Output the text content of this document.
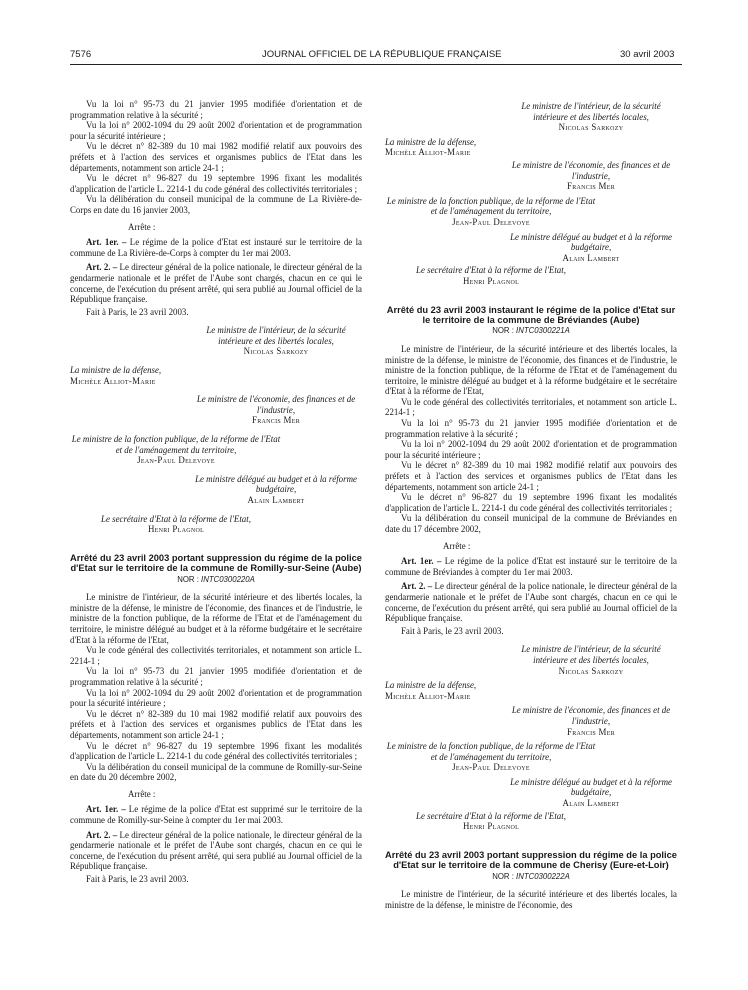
7576	JOURNAL OFFICIEL DE LA RÉPUBLIQUE FRANÇAISE	30 avril 2003

Vu la loi n° 95-73 du 21 janvier 1995 modifiée d'orientation et de programmation relative à la sécurité ;

Vu la loi n° 2002-1094 du 29 août 2002 d'orientation et de programmation pour la sécurité intérieure ;

Vu le décret n° 82-389 du 10 mai 1982 modifié relatif aux pouvoirs des préfets et à l'action des services et organismes publics de l'Etat dans les départements, notamment son article 24-1 ;

Vu le décret n° 96-827 du 19 septembre 1996 fixant les modalités d'application de l'article L. 2214-1 du code général des collectivités territoriales ;

Vu la délibération du conseil municipal de la commune de La Rivière-de-Corps en date du 16 janvier 2003,

Arrête :

Art. 1er. – Le régime de la police d'Etat est instauré sur le territoire de la commune de La Rivière-de-Corps à compter du 1er mai 2003.

Art. 2. – Le directeur général de la police nationale, le directeur général de la gendarmerie nationale et le préfet de l'Aube sont chargés, chacun en ce qui le concerne, de l'exécution du présent arrêté, qui sera publié au Journal officiel de la République française.

Fait à Paris, le 23 avril 2003.

Le ministre de l'intérieur, de la sécurité intérieure et des libertés locales,
Nicolas Sarkozy

La ministre de la défense,
Michèle Alliot-Marie

Le ministre de l'économie, des finances et de l'industrie,
Francis Mer

Le ministre de la fonction publique, de la réforme de l'Etat et de l'aménagement du territoire,
Jean-Paul Delevoye

Le ministre délégué au budget et à la réforme budgétaire,
Alain Lambert

Le secrétaire d'Etat à la réforme de l'Etat,
Henri Plagnol

Arrêté du 23 avril 2003 portant suppression du régime de la police d'Etat sur le territoire de la commune de Romilly-sur-Seine (Aube)

NOR : INTC0300220A

Le ministre de l'intérieur, de la sécurité intérieure et des libertés locales, la ministre de la défense, le ministre de l'économie, des finances et de l'industrie, le ministre de la fonction publique, de la réforme de l'Etat et de l'aménagement du territoire, le ministre délégué au budget et à la réforme budgétaire et le secrétaire d'Etat à la réforme de l'Etat,

Vu le code général des collectivités territoriales, et notamment son article L. 2214-1 ;

Vu la loi n° 95-73 du 21 janvier 1995 modifiée d'orientation et de programmation relative à la sécurité ;

Vu la loi n° 2002-1094 du 29 août 2002 d'orientation et de programmation pour la sécurité intérieure ;

Vu le décret n° 82-389 du 10 mai 1982 modifié relatif aux pouvoirs des préfets et à l'action des services et organismes publics de l'Etat dans les départements, notamment son article 24-1 ;

Vu le décret n° 96-827 du 19 septembre 1996 fixant les modalités d'application de l'article L. 2214-1 du code général des collectivités territoriales ;

Vu la délibération du conseil municipal de la commune de Romilly-sur-Seine en date du 20 décembre 2002,

Arrête :

Art. 1er. – Le régime de la police d'Etat est supprimé sur le territoire de la commune de Romilly-sur-Seine à compter du 1er mai 2003.

Art. 2. – Le directeur général de la police nationale, le directeur général de la gendarmerie nationale et le préfet de l'Aube sont chargés, chacun en ce qui le concerne, de l'exécution du présent arrêté, qui sera publié au Journal officiel de la République française.

Fait à Paris, le 23 avril 2003.

Le ministre de l'intérieur, de la sécurité intérieure et des libertés locales,
Nicolas Sarkozy

La ministre de la défense,
Michèle Alliot-Marie

Le ministre de l'économie, des finances et de l'industrie,
Francis Mer

Le ministre de la fonction publique, de la réforme de l'Etat et de l'aménagement du territoire,
Jean-Paul Delevoye

Le ministre délégué au budget et à la réforme budgétaire,
Alain Lambert

Le secrétaire d'Etat à la réforme de l'Etat,
Henri Plagnol

Arrêté du 23 avril 2003 instaurant le régime de la police d'Etat sur le territoire de la commune de Bréviandes (Aube)

NOR : INTC0300221A

Le ministre de l'intérieur, de la sécurité intérieure et des libertés locales, la ministre de la défense, le ministre de l'économie, des finances et de l'industrie, le ministre de la fonction publique, de la réforme de l'Etat et de l'aménagement du territoire, le ministre délégué au budget et à la réforme budgétaire et le secrétaire d'Etat à la réforme de l'Etat,

Vu le code général des collectivités territoriales, et notamment son article L. 2214-1 ;

Vu la loi n° 95-73 du 21 janvier 1995 modifiée d'orientation et de programmation relative à la sécurité ;

Vu la loi n° 2002-1094 du 29 août 2002 d'orientation et de programmation pour la sécurité intérieure ;

Vu le décret n° 82-389 du 10 mai 1982 modifié relatif aux pouvoirs des préfets et à l'action des services et organismes publics de l'Etat dans les départements, notamment son article 24-1 ;

Vu le décret n° 96-827 du 19 septembre 1996 fixant les modalités d'application de l'article L. 2214-1 du code général des collectivités territoriales ;

Vu la délibération du conseil municipal de la commune de Bréviandes en date du 17 décembre 2002,

Arrête :

Art. 1er. – Le régime de la police d'Etat est instauré sur le territoire de la commune de Bréviandes à compter du 1er mai 2003.

Art. 2. – Le directeur général de la police nationale, le directeur général de la gendarmerie nationale et le préfet de l'Aube sont chargés, chacun en ce qui le concerne, de l'exécution du présent arrêté, qui sera publié au Journal officiel de la République française.

Fait à Paris, le 23 avril 2003.

Le ministre de l'intérieur, de la sécurité intérieure et des libertés locales,
Nicolas Sarkozy

La ministre de la défense,
Michèle Alliot-Marie

Le ministre de l'économie, des finances et de l'industrie,
Francis Mer

Le ministre de la fonction publique, de la réforme de l'Etat et de l'aménagement du territoire,
Jean-Paul Delevoye

Le ministre délégué au budget et à la réforme budgétaire,
Alain Lambert

Le secrétaire d'Etat à la réforme de l'Etat,
Henri Plagnol

Arrêté du 23 avril 2003 portant suppression du régime de la police d'Etat sur le territoire de la commune de Cherisy (Eure-et-Loir)

NOR : INTC0300222A

Le ministre de l'intérieur, de la sécurité intérieure et des libertés locales, la ministre de la défense, le ministre de l'économie, des
